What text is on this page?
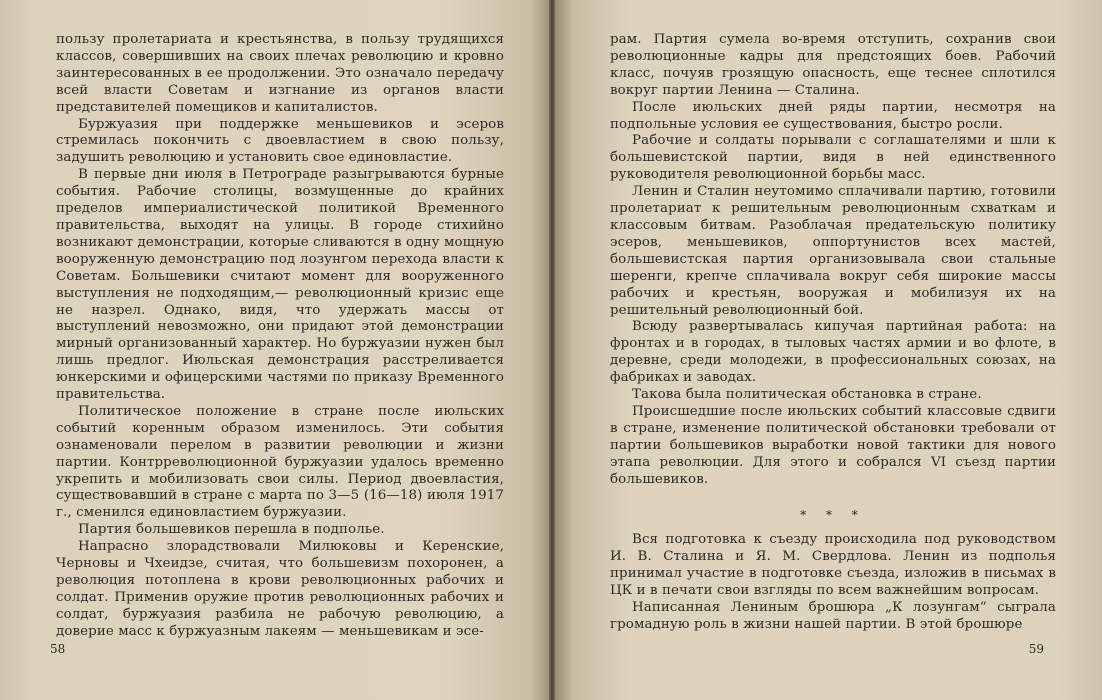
пользу пролетариата и крестьянства, в пользу трудящихся классов, совершивших на своих плечах революцию и кровно заинтересованных в ее продолжении. Это означало передачу всей власти Советам и изгнание из органов власти представителей помещиков и капиталистов.

Буржуазия при поддержке меньшевиков и эсеров стремилась покончить с двоевластием в свою пользу, задушить революцию и установить свое единовластие.

В первые дни июля в Петрограде разыгрываются бурные события. Рабочие столицы, возмущенные до крайних пределов империалистической политикой Временного правительства, выходят на улицы. В городе стихийно возникают демонстрации, которые сливаются в одну мощную вооруженную демонстрацию под лозунгом перехода власти к Советам. Большевики считают момент для вооруженного выступления не подходящим,— революционный кризис еще не назрел. Однако, видя, что удержать массы от выступлений невозможно, они придают этой демонстрации мирный организованный характер. Но буржуазии нужен был лишь предлог. Июльская демонстрация расстреливается юнкерскими и офицерскими частями по приказу Временного правительства.

Политическое положение в стране после июльских событий коренным образом изменилось. Эти события ознаменовали перелом в развитии революции и жизни партии. Контрреволюционной буржуазии удалось временно укрепить и мобилизовать свои силы. Период двоевластия, существовавший в стране с марта по 3—5 (16—18) июля 1917 г., сменился единовластием буржуазии.

Партия большевиков перешла в подполье.

Напрасно злорадствовали Милюковы и Керенские, Черновы и Чхеидзе, считая, что большевизм похоронен, а революция потоплена в крови революционных рабочих и солдат. Применив оружие против революционных рабочих и солдат, буржуазия разбила не рабочую революцию, а доверие масс к буржуазным лакеям — меньшевикам и эсе-

58

рам. Партия сумела во-время отступить, сохранив свои революционные кадры для предстоящих боев. Рабочий класс, почуяв грозящую опасность, еще теснее сплотился вокруг партии Ленина — Сталина.

После июльских дней ряды партии, несмотря на подпольные условия ее существования, быстро росли.

Рабочие и солдаты порывали с соглашателями и шли к большевистской партии, видя в ней единственного руководителя революционной борьбы масс.

Ленин и Сталин неутомимо сплачивали партию, готовили пролетариат к решительным революционным схваткам и классовым битвам. Разоблачая предательскую политику эсеров, меньшевиков, оппортунистов всех мастей, большевистская партия организовывала свои стальные шеренги, крепче сплачивала вокруг себя широкие массы рабочих и крестьян, вооружая и мобилизуя их на решительный революционный бой.

Всюду развертывалась кипучая партийная работа: на фронтах и в городах, в тыловых частях армии и во флоте, в деревне, среди молодежи, в профессиональных союзах, на фабриках и заводах.

Такова была политическая обстановка в стране.

Происшедшие после июльских событий классовые сдвиги в стране, изменение политической обстановки требовали от партии большевиков выработки новой тактики для нового этапа революции. Для этого и собрался VI съезд партии большевиков.

* * *

Вся подготовка к съезду происходила под руководством И. В. Сталина и Я. М. Свердлова. Ленин из подполья принимал участие в подготовке съезда, изложив в письмах в ЦК и в печати свои взгляды по всем важнейшим вопросам.

Написанная Лениным брошюра „К лозунгам“ сыграла громадную роль в жизни нашей партии. В этой брошюре

59
